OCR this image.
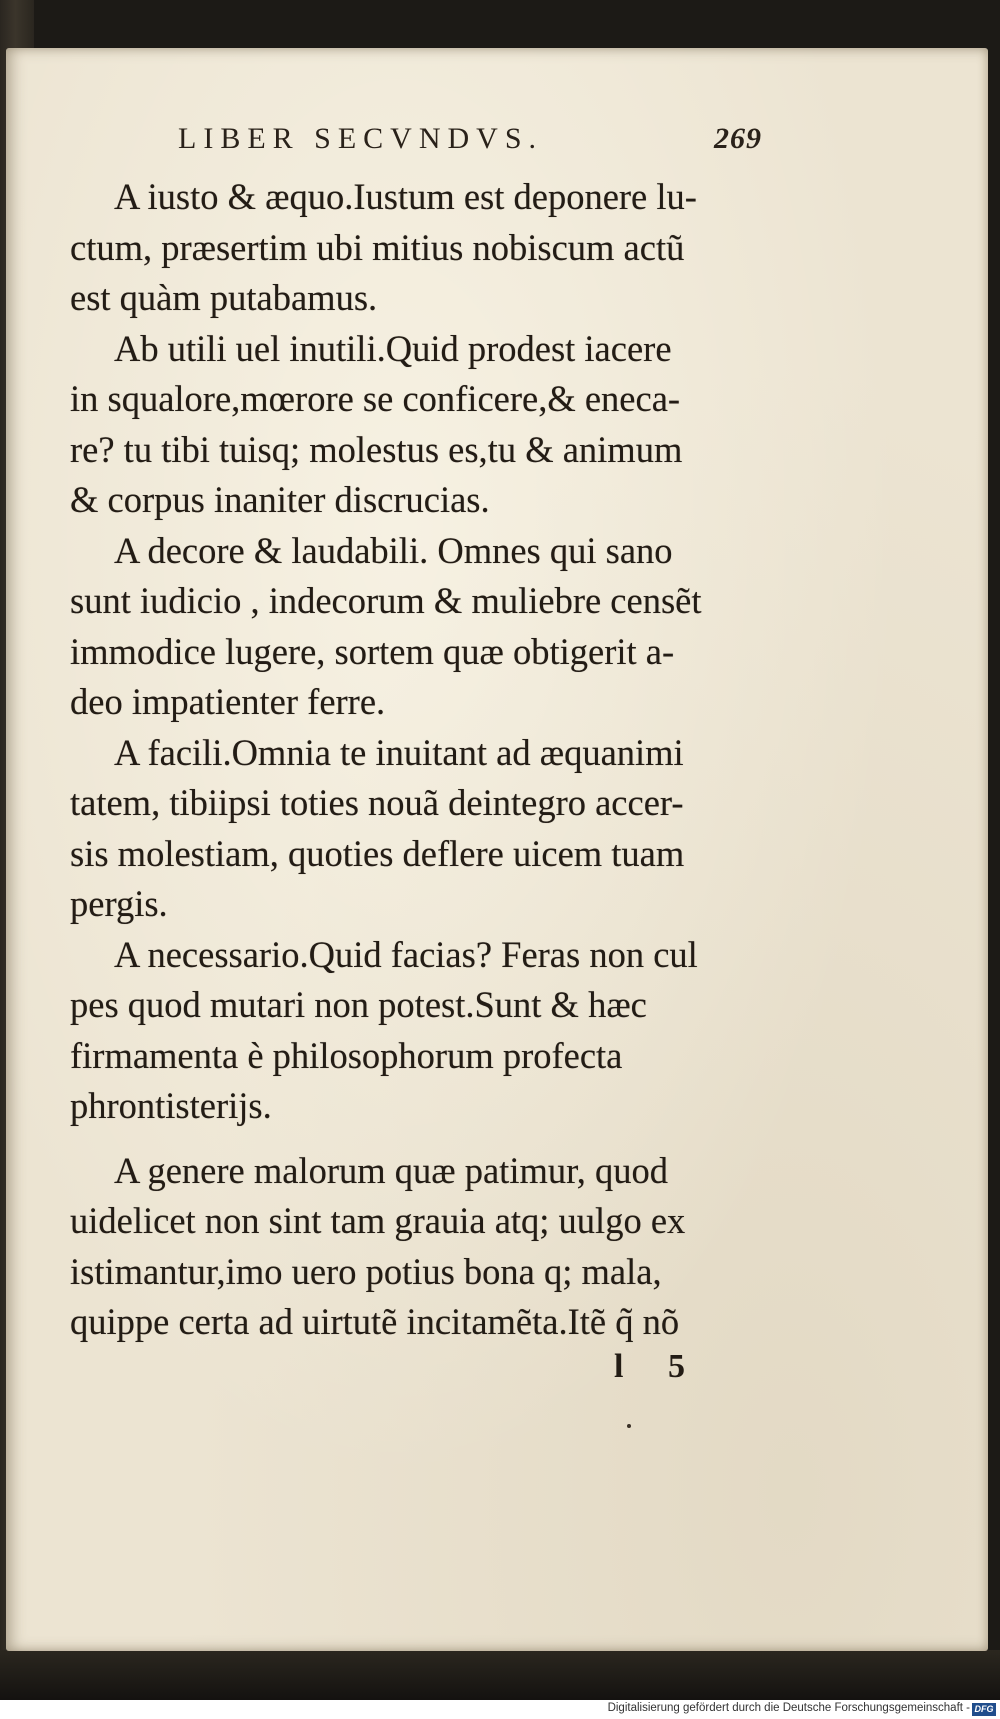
LIBER SECVNDVS.	269
A iusto & æquo.Iustum est deponere lu-
ctum, præsertim ubi mitius nobiscum actũ
est quàm putabamus.
Ab utili uel inutili.Quid prodest iacere
in squalore,mœrore se conficere,& eneca-
re? tu tibi tuisq; molestus es,tu & animum
& corpus inaniter discrucias.
A decore & laudabili. Omnes qui sano
sunt iudicio , indecorum & muliebre censẽt
immodice lugere, sortem quæ obtigerit a-
deo impatienter ferre.
A facili.Omnia te inuitant ad æquanimi
tatem, tibiipsi toties nouã deintegro accer-
sis molestiam, quoties deflere uicem tuam
pergis.
A necessario.Quid facias? Feras non cul
pes quod mutari non potest.Sunt & hæc
firmamenta è philosophorum profecta
phrontisterijs.
A genere malorum quæ patimur, quod
uidelicet non sint tam grauia atq; uulgo ex
istimantur,imo uero potius bona q; mala,
quippe certa ad uirtutẽ incitamẽta.Itẽ q̃ nõ
l 5
Digitalisierung gefördert durch die Deutsche Forschungsgemeinschaft - DFG
